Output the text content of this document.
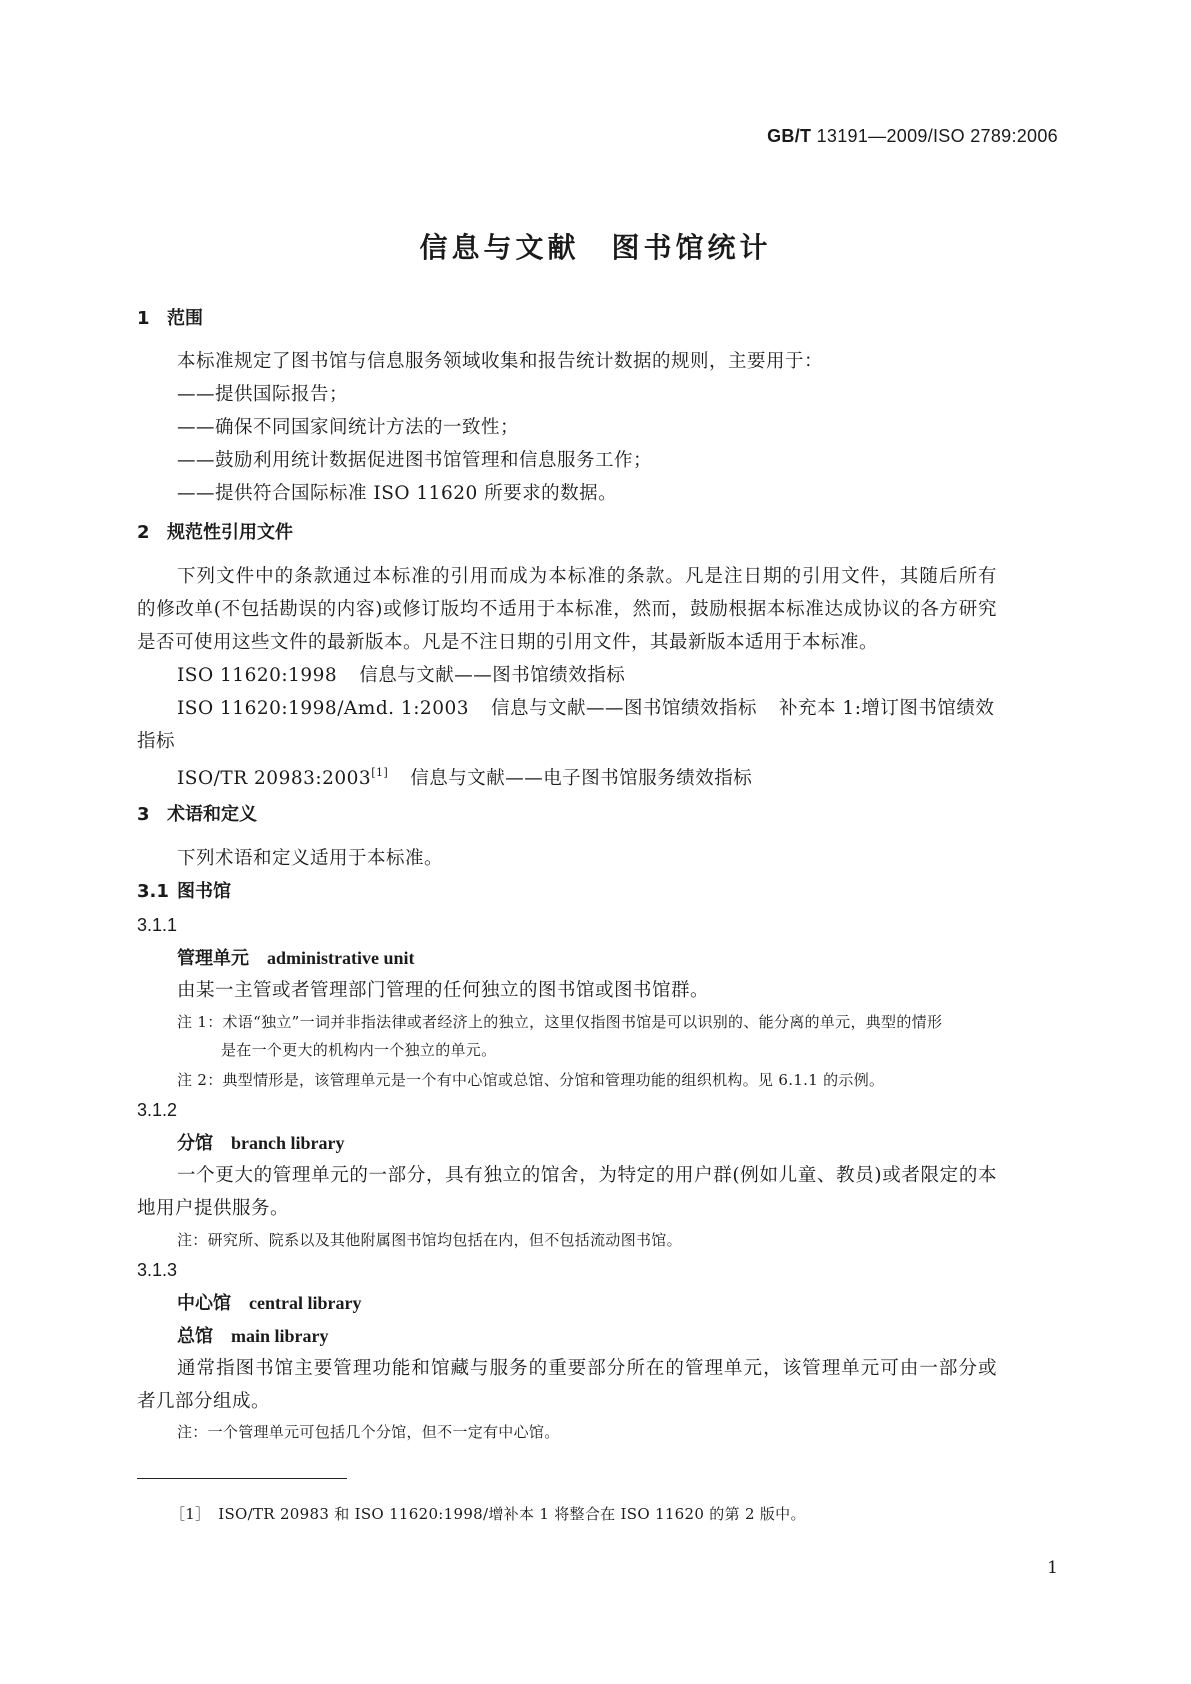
GB/T 13191—2009/ISO 2789:2006
信息与文献　图书馆统计
1 范围
本标准规定了图书馆与信息服务领域收集和报告统计数据的规则，主要用于：
——提供国际报告；
——确保不同国家间统计方法的一致性；
——鼓励利用统计数据促进图书馆管理和信息服务工作；
——提供符合国际标准 ISO 11620 所要求的数据。
2 规范性引用文件
下列文件中的条款通过本标准的引用而成为本标准的条款。凡是注日期的引用文件，其随后所有
的修改单(不包括勘误的内容)或修订版均不适用于本标准，然而，鼓励根据本标准达成协议的各方研究
是否可使用这些文件的最新版本。凡是不注日期的引用文件，其最新版本适用于本标准。
ISO 11620:1998 信息与文献——图书馆绩效指标
ISO 11620:1998/Amd. 1:2003 信息与文献——图书馆绩效指标 补充本 1:增订图书馆绩效
指标
ISO/TR 20983:2003[1] 信息与文献——电子图书馆服务绩效指标
3 术语和定义
下列术语和定义适用于本标准。
3.1 图书馆
3.1.1
管理单元 administrative unit
由某一主管或者管理部门管理的任何独立的图书馆或图书馆群。
注 1：术语“独立”一词并非指法律或者经济上的独立，这里仅指图书馆是可以识别的、能分离的单元，典型的情形
是在一个更大的机构内一个独立的单元。
注 2：典型情形是，该管理单元是一个有中心馆或总馆、分馆和管理功能的组织机构。见 6.1.1 的示例。
3.1.2
分馆 branch library
一个更大的管理单元的一部分，具有独立的馆舍，为特定的用户群(例如儿童、教员)或者限定的本
地用户提供服务。
注：研究所、院系以及其他附属图书馆均包括在内，但不包括流动图书馆。
3.1.3
中心馆 central library
总馆 main library
通常指图书馆主要管理功能和馆藏与服务的重要部分所在的管理单元，该管理单元可由一部分或
者几部分组成。
注：一个管理单元可包括几个分馆，但不一定有中心馆。
［1］　ISO/TR 20983 和 ISO 11620:1998/增补本 1 将整合在 ISO 11620 的第 2 版中。
1
